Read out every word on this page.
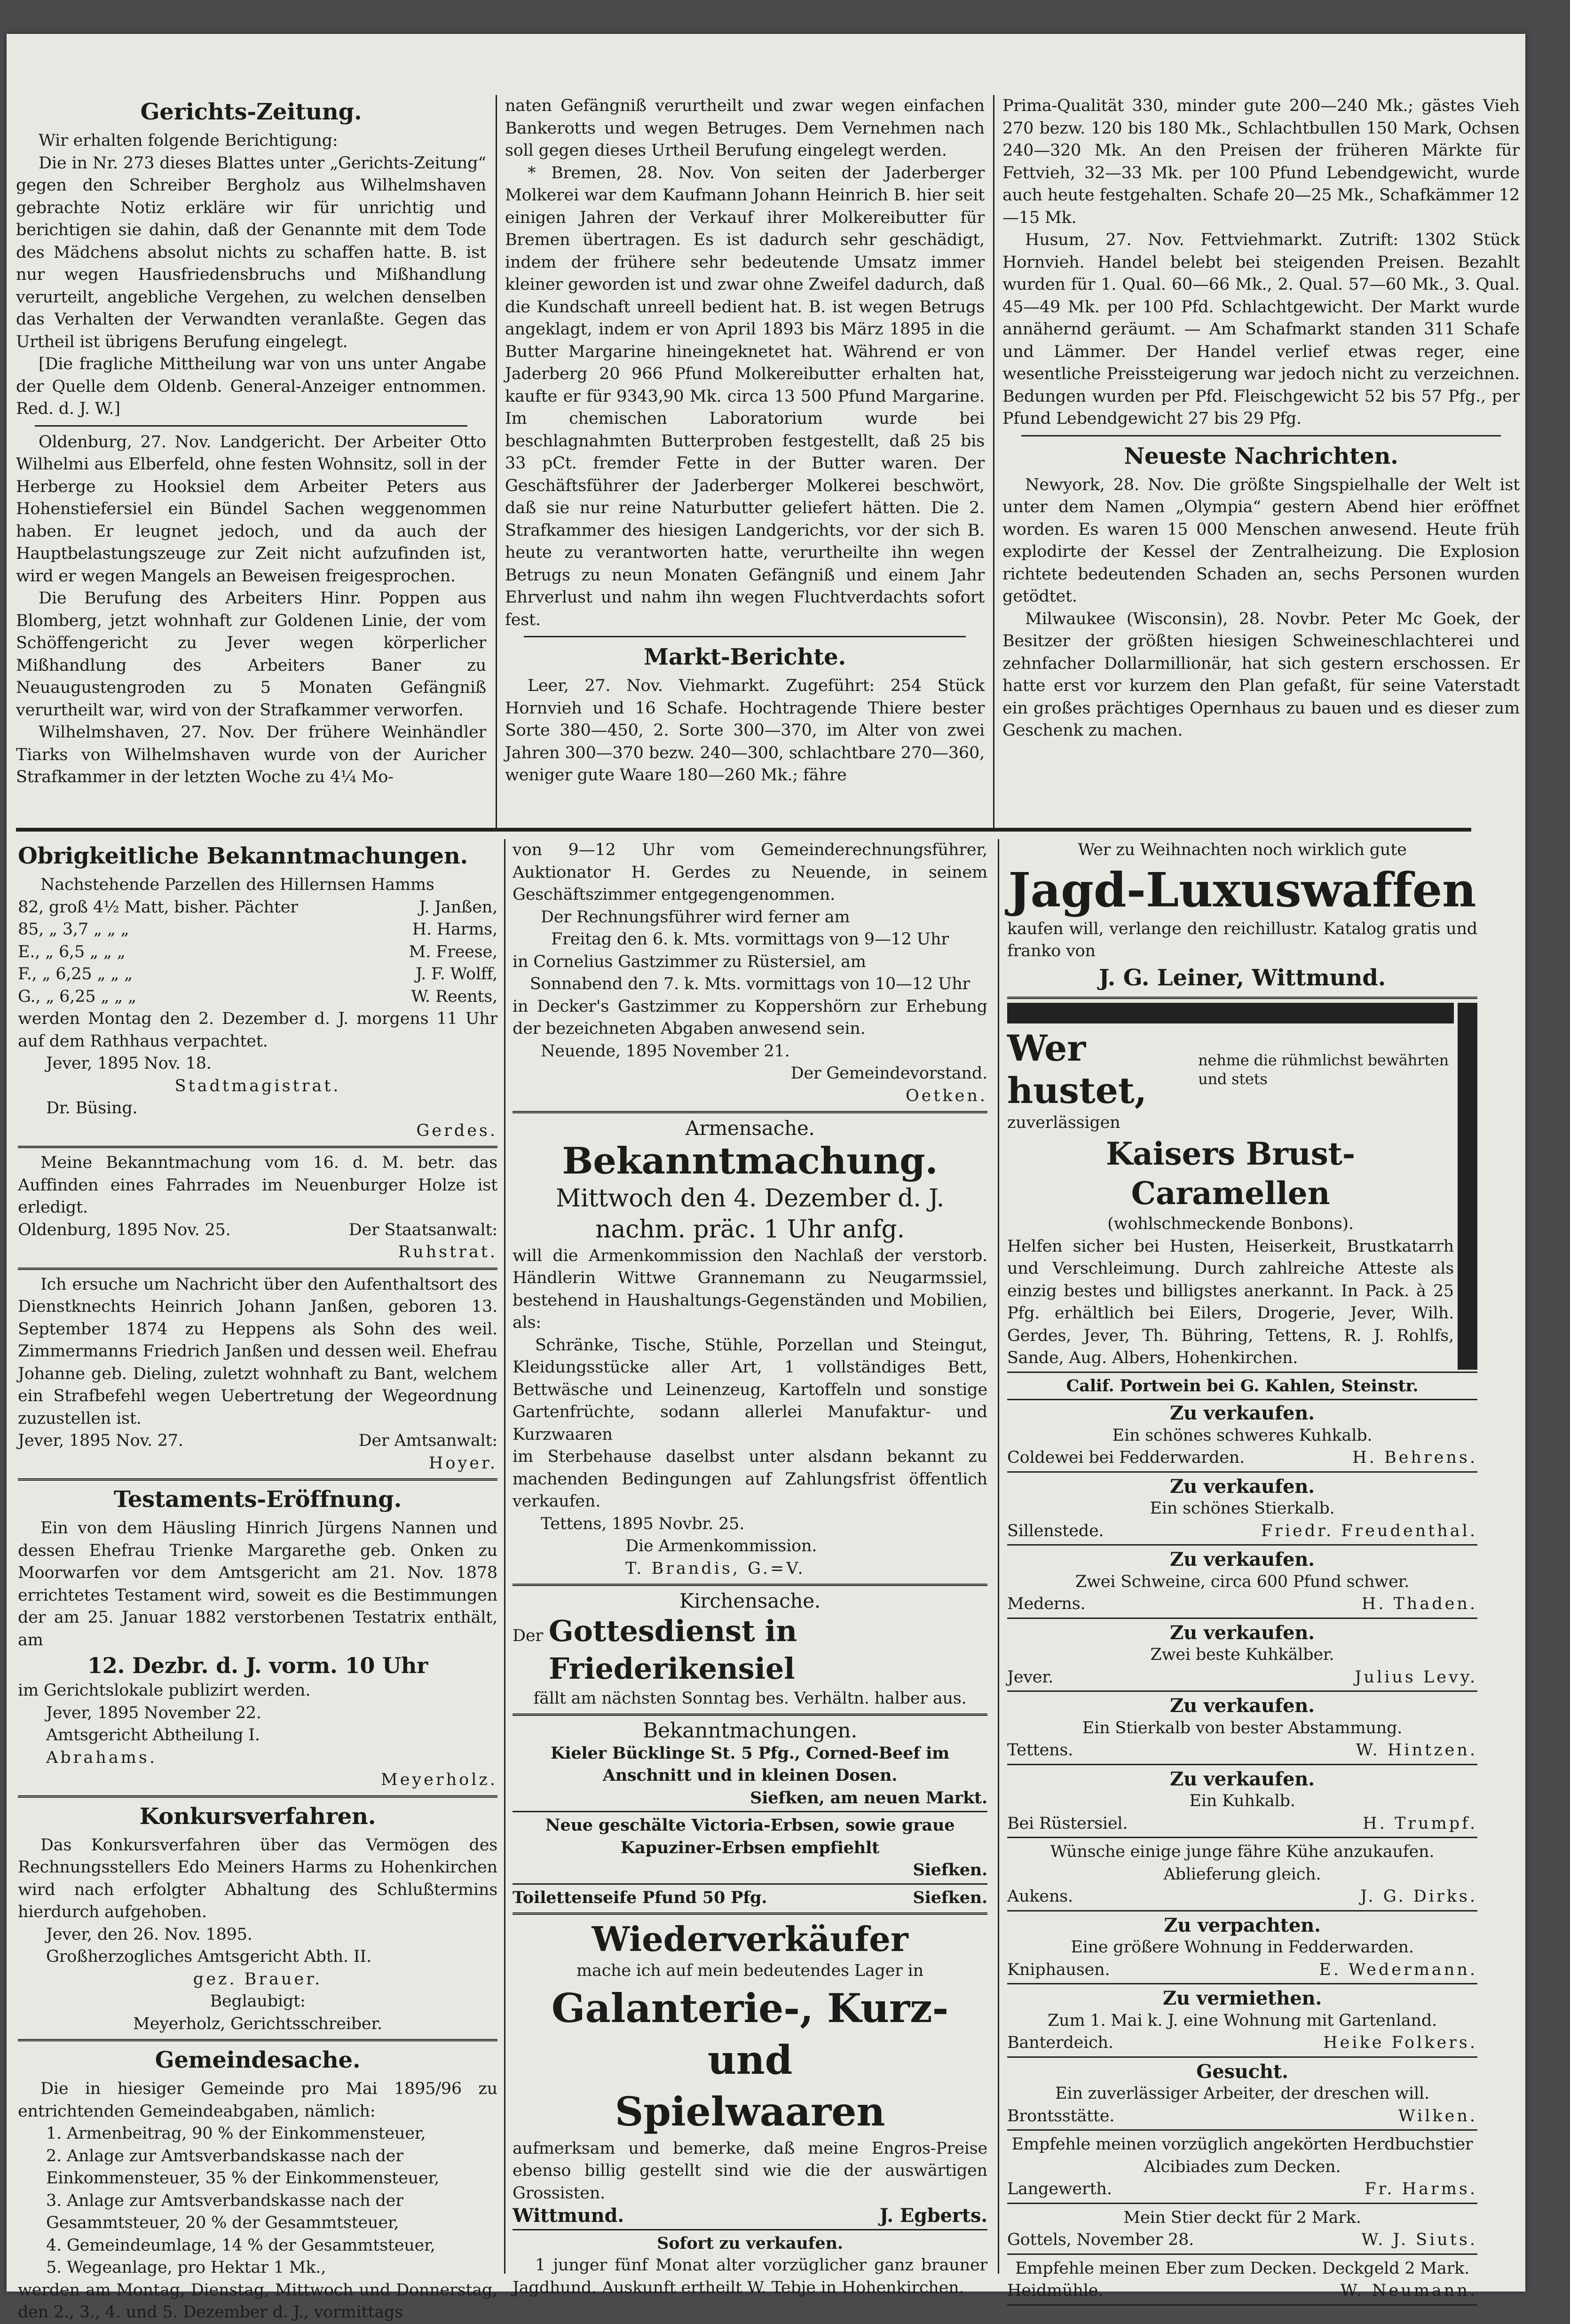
Gerichts-Zeitung.

Wir erhalten folgende Berichtigung:

Die in Nr. 273 dieses Blattes unter „Gerichts-Zeitung“ gegen den Schreiber Bergholz aus Wilhelmshaven gebrachte Notiz erkläre wir für unrichtig und berichtigen sie dahin, daß der Genannte mit dem Tode des Mädchens absolut nichts zu schaffen hatte. B. ist nur wegen Hausfriedensbruchs und Mißhandlung verurteilt, angebliche Vergehen, zu welchen denselben das Verhalten der Verwandten veranlaßte. Gegen das Urtheil ist übrigens Berufung eingelegt.

[Die fragliche Mittheilung war von uns unter Angabe der Quelle dem Oldenb. General-Anzeiger entnommen. Red. d. J. W.]

Oldenburg, 27. Nov. Landgericht. Der Arbeiter Otto Wilhelmi aus Elberfeld, ohne festen Wohnsitz, soll in der Herberge zu Hooksiel dem Arbeiter Peters aus Hohenstiefersiel ein Bündel Sachen weggenommen haben. Er leugnet jedoch, und da auch der Hauptbelastungszeuge zur Zeit nicht aufzufinden ist, wird er wegen Mangels an Beweisen freigesprochen.

Die Berufung des Arbeiters Hinr. Poppen aus Blomberg, jetzt wohnhaft zur Goldenen Linie, der vom Schöffengericht zu Jever wegen körperlicher Mißhandlung des Arbeiters Baner zu Neuaugustengroden zu 5 Monaten Gefängniß verurtheilt war, wird von der Strafkammer verworfen.

Wilhelmshaven, 27. Nov. Der frühere Weinhändler Tiarks von Wilhelmshaven wurde von der Auricher Strafkammer in der letzten Woche zu 4¼ Mo-

naten Gefängniß verurtheilt und zwar wegen einfachen Bankerotts und wegen Betruges. Dem Vernehmen nach soll gegen dieses Urtheil Berufung eingelegt werden.

* Bremen, 28. Nov. Von seiten der Jaderberger Molkerei war dem Kaufmann Johann Heinrich B. hier seit einigen Jahren der Verkauf ihrer Molkereibutter für Bremen übertragen. Es ist dadurch sehr geschädigt, indem der frühere sehr bedeutende Umsatz immer kleiner geworden ist und zwar ohne Zweifel dadurch, daß die Kundschaft unreell bedient hat. B. ist wegen Betrugs angeklagt, indem er von April 1893 bis März 1895 in die Butter Margarine hineingeknetet hat. Während er von Jaderberg 20 966 Pfund Molkereibutter erhalten hat, kaufte er für 9343,90 Mk. circa 13 500 Pfund Margarine. Im chemischen Laboratorium wurde bei beschlagnahmten Butterproben festgestellt, daß 25 bis 33 pCt. fremder Fette in der Butter waren. Der Geschäftsführer der Jaderberger Molkerei beschwört, daß sie nur reine Naturbutter geliefert hätten. Die 2. Strafkammer des hiesigen Landgerichts, vor der sich B. heute zu verantworten hatte, verurtheilte ihn wegen Betrugs zu neun Monaten Gefängniß und einem Jahr Ehrverlust und nahm ihn wegen Fluchtverdachts sofort fest.

Markt-Berichte.

Leer, 27. Nov. Viehmarkt. Zugeführt: 254 Stück Hornvieh und 16 Schafe. Hochtragende Thiere bester Sorte 380—450, 2. Sorte 300—370, im Alter von zwei Jahren 300—370 bezw. 240—300, schlachtbare 270—360, weniger gute Waare 180—260 Mk.; fähre

Prima-Qualität 330, minder gute 200—240 Mk.; gästes Vieh 270 bezw. 120 bis 180 Mk., Schlachtbullen 150 Mark, Ochsen 240—320 Mk. An den Preisen der früheren Märkte für Fettvieh, 32—33 Mk. per 100 Pfund Lebendgewicht, wurde auch heute festgehalten. Schafe 20—25 Mk., Schafkämmer 12—15 Mk.

Husum, 27. Nov. Fettviehmarkt. Zutrift: 1302 Stück Hornvieh. Handel belebt bei steigenden Preisen. Bezahlt wurden für 1. Qual. 60—66 Mk., 2. Qual. 57—60 Mk., 3. Qual. 45—49 Mk. per 100 Pfd. Schlachtgewicht. Der Markt wurde annähernd geräumt. — Am Schafmarkt standen 311 Schafe und Lämmer. Der Handel verlief etwas reger, eine wesentliche Preissteigerung war jedoch nicht zu verzeichnen. Bedungen wurden per Pfd. Fleischgewicht 52 bis 57 Pfg., per Pfund Lebendgewicht 27 bis 29 Pfg.

Neueste Nachrichten.

Newyork, 28. Nov. Die größte Singspielhalle der Welt ist unter dem Namen „Olympia“ gestern Abend hier eröffnet worden. Es waren 15 000 Menschen anwesend. Heute früh explodirte der Kessel der Zentralheizung. Die Explosion richtete bedeutenden Schaden an, sechs Personen wurden getödtet.

Milwaukee (Wisconsin), 28. Novbr. Peter Mc Goek, der Besitzer der größten hiesigen Schweineschlachterei und zehnfacher Dollarmillionär, hat sich gestern erschossen. Er hatte erst vor kurzem den Plan gefaßt, für seine Vaterstadt ein großes prächtiges Opernhaus zu bauen und es dieser zum Geschenk zu machen.

Obrigkeitliche Bekanntmachungen.

Nachstehende Parzellen des Hillernsen Hamms

82, groß 4½ Matt, bisher. Pächter	J. Janßen,
85, „ 3,7 „ „ „	H. Harms,
E., „ 6,5 „ „ „	M. Freese,
F., „ 6,25 „ „ „	J. F. Wolff,
G., „ 6,25 „ „ „	W. Reents,

werden Montag den 2. Dezember d. J. morgens 11 Uhr auf dem Rathhaus verpachtet.

Jever, 1895 Nov. 18.
Stadtmagistrat.
Dr. Büsing.
Gerdes.

Meine Bekanntmachung vom 16. d. M. betr. das Auffinden eines Fahrrades im Neuenburger Holze ist erledigt.

Oldenburg, 1895 Nov. 25.	Der Staatsanwalt:
Ruhstrat.

Ich ersuche um Nachricht über den Aufenthaltsort des Dienstknechts Heinrich Johann Janßen, geboren 13. September 1874 zu Heppens als Sohn des weil. Zimmermanns Friedrich Janßen und dessen weil. Ehefrau Johanne geb. Dieling, zuletzt wohnhaft zu Bant, welchem ein Strafbefehl wegen Uebertretung der Wegeordnung zuzustellen ist.

Jever, 1895 Nov. 27.	Der Amtsanwalt:
Hoyer.
Testaments-Eröffnung.

Ein von dem Häusling Hinrich Jürgens Nannen und dessen Ehefrau Trienke Margarethe geb. Onken zu Moorwarfen vor dem Amtsgericht am 21. Nov. 1878 errichtetes Testament wird, soweit es die Bestimmungen der am 25. Januar 1882 verstorbenen Testatrix enthält, am

12. Dezbr. d. J. vorm. 10 Uhr

im Gerichtslokale publizirt werden.

Jever, 1895 November 22.
Amtsgericht Abtheilung I.
Abrahams.
Meyerholz.
Konkursverfahren.

Das Konkursverfahren über das Vermögen des Rechnungsstellers Edo Meiners Harms zu Hohenkirchen wird nach erfolgter Abhaltung des Schlußtermins hierdurch aufgehoben.

Jever, den 26. Nov. 1895.
Großherzogliches Amtsgericht Abth. II.
gez. Brauer.
Beglaubigt:
Meyerholz, Gerichtsschreiber.
Gemeindesache.

Die in hiesiger Gemeinde pro Mai 1895/96 zu entrichtenden Gemeindeabgaben, nämlich:

1. Armenbeitrag, 90 % der Einkommensteuer,
2. Anlage zur Amtsverbandskasse nach der Einkommensteuer, 35 % der Einkommensteuer,
3. Anlage zur Amtsverbandskasse nach der Gesammtsteuer, 20 % der Gesammtsteuer,
4. Gemeindeumlage, 14 % der Gesammtsteuer,
5. Wegeanlage, pro Hektar 1 Mk.,

werden am Montag, Dienstag, Mittwoch und Donnerstag, den 2., 3., 4. und 5. Dezember d. J., vormittags

von 9—12 Uhr vom Gemeinderechnungsführer, Auktionator H. Gerdes zu Neuende, in seinem Geschäftszimmer entgegengenommen.

Der Rechnungsführer wird ferner am
Freitag den 6. k. Mts. vormittags von 9—12 Uhr

in Cornelius Gastzimmer zu Rüstersiel, am

Sonnabend den 7. k. Mts. vormittags von 10—12 Uhr

in Decker's Gastzimmer zu Koppershörn zur Erhebung der bezeichneten Abgaben anwesend sein.

Neuende, 1895 November 21.
Der Gemeindevorstand.
Oetken.
Armensache.
Bekanntmachung.
Mittwoch den 4. Dezember d. J.
nachm. präc. 1 Uhr anfg.

will die Armenkommission den Nachlaß der verstorb. Händlerin Wittwe Grannemann zu Neugarmssiel, bestehend in Haushaltungs-Gegenständen und Mobilien, als:

Schränke, Tische, Stühle, Porzellan und Steingut, Kleidungsstücke aller Art, 1 vollständiges Bett, Bettwäsche und Leinenzeug, Kartoffeln und sonstige Gartenfrüchte, sodann allerlei Manufaktur- und Kurzwaaren

im Sterbehause daselbst unter alsdann bekannt zu machenden Bedingungen auf Zahlungsfrist öffentlich verkaufen.

Tettens, 1895 Novbr. 25.
Die Armenkommission.
T. Brandis, G.=V.
Kirchensache.
Der Gottesdienst in Friederikensiel
fällt am nächsten Sonntag bes. Verhältn. halber aus.
Bekanntmachungen.
Kieler Bücklinge St. 5 Pfg., Corned-Beef im Anschnitt und in kleinen Dosen.
Siefken, am neuen Markt.
Neue geschälte Victoria-Erbsen, sowie graue Kapuziner-Erbsen empfiehlt
Siefken.
Toilettenseife Pfund 50 Pfg.	Siefken.
Wiederverkäufer
mache ich auf mein bedeutendes Lager in
Galanterie-, Kurz- und
Spielwaaren

aufmerksam und bemerke, daß meine Engros-Preise ebenso billig gestellt sind wie die der auswärtigen Grossisten.

Wittmund.	J. Egberts.
Sofort zu verkaufen.

1 junger fünf Monat alter vorzüglicher ganz brauner Jagdhund. Auskunft ertheilt W. Tebje in Hohenkirchen.

Wer zu Weihnachten noch wirklich gute
Jagd-Luxuswaffen

kaufen will, verlange den reichillustr. Katalog gratis und franko von

J. G. Leiner, Wittmund.
Wer hustet,
nehme die rühmlichst bewährten und stets
zuverlässigen
Kaisers Brust-Caramellen
(wohlschmeckende Bonbons).

Helfen sicher bei Husten, Heiserkeit, Brustkatarrh und Verschleimung. Durch zahlreiche Atteste als einzig bestes und billigstes anerkannt. In Pack. à 25 Pfg. erhältlich bei Eilers, Drogerie, Jever, Wilh. Gerdes, Jever, Th. Bühring, Tettens, R. J. Rohlfs, Sande, Aug. Albers, Hohenkirchen.

Calif. Portwein bei G. Kahlen, Steinstr.
Zu verkaufen.
Ein schönes schweres Kuhkalb.
Coldewei bei Fedderwarden.	H. Behrens.
Zu verkaufen.
Ein schönes Stierkalb.
Sillenstede.	Friedr. Freudenthal.
Zu verkaufen.
Zwei Schweine, circa 600 Pfund schwer.
Mederns.	H. Thaden.
Zu verkaufen.
Zwei beste Kuhkälber.
Jever.	Julius Levy.
Zu verkaufen.
Ein Stierkalb von bester Abstammung.
Tettens.	W. Hintzen.
Zu verkaufen.
Ein Kuhkalb.
Bei Rüstersiel.	H. Trumpf.
Wünsche einige junge fähre Kühe anzukaufen. Ablieferung gleich.
Aukens.	J. G. Dirks.
Zu verpachten.
Eine größere Wohnung in Fedderwarden.
Kniphausen.	E. Wedermann.
Zu vermiethen.
Zum 1. Mai k. J. eine Wohnung mit Gartenland.
Banterdeich.	Heike Folkers.
Gesucht.
Ein zuverlässiger Arbeiter, der dreschen will.
Brontsstätte.	Wilken.
Empfehle meinen vorzüglich angekörten Herdbuchstier Alcibiades zum Decken.
Langewerth.	Fr. Harms.
Mein Stier deckt für 2 Mark.
Gottels, November 28.	W. J. Siuts.
Empfehle meinen Eber zum Decken. Deckgeld 2 Mark.
Heidmühle.	W. Neumann.
